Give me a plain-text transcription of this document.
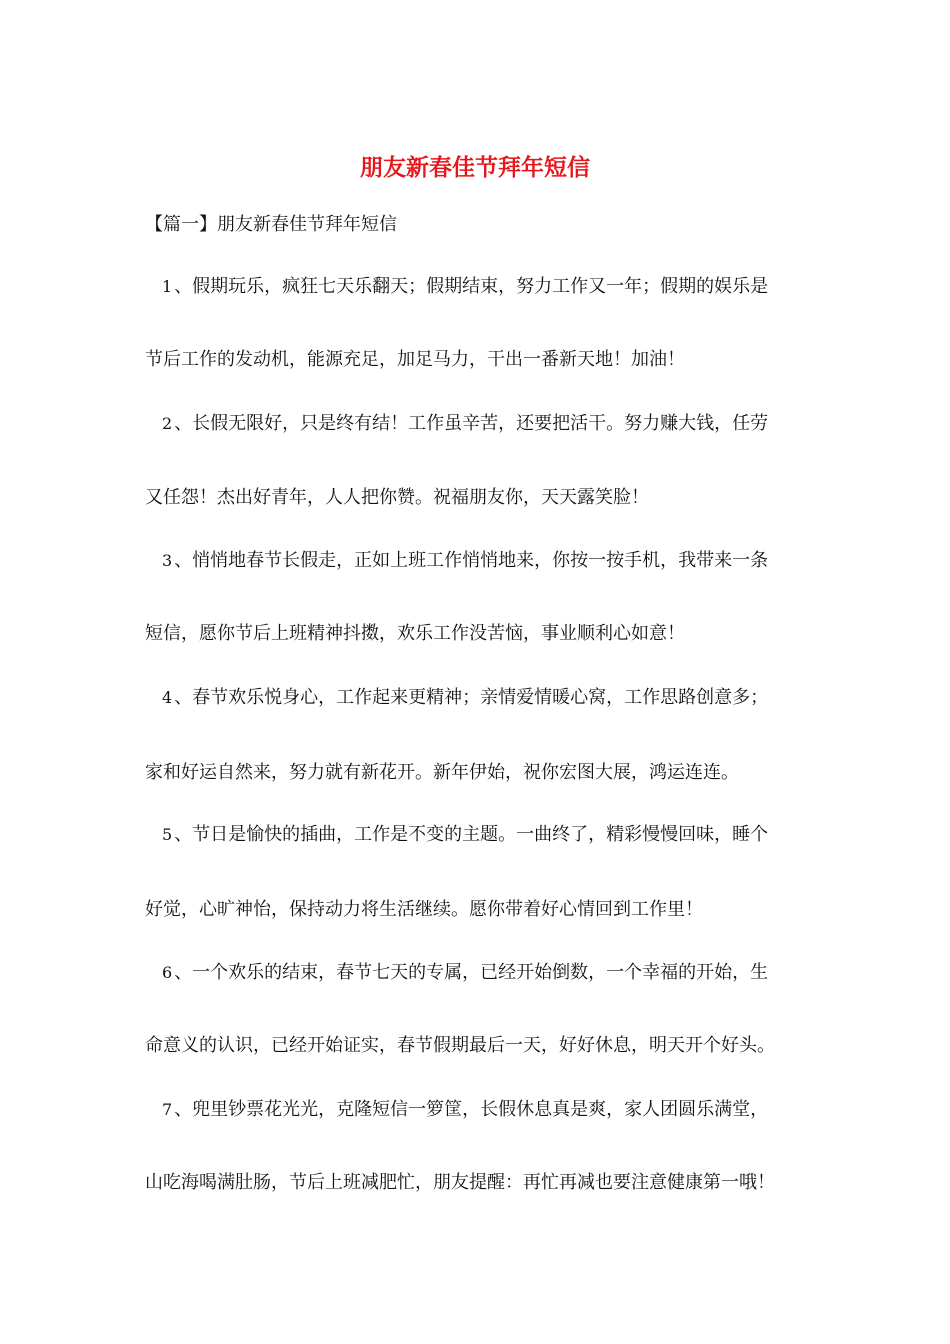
朋友新春佳节拜年短信

【篇一】朋友新春佳节拜年短信

1 、假期玩乐，疯狂七天乐翻天；假期结束，努力工作又一年；假期的娱乐是

节后工作的发动机，能源充足，加足马力，干出一番新天地！加油！

2 、长假无限好，只是终有结！工作虽辛苦，还要把活干。努力赚大钱，任劳

又任怨！杰出好青年，人人把你赞。祝福朋友你，天天露笑脸！

3 、悄悄地春节长假走，正如上班工作悄悄地来，你按一按手机，我带来一条

短信，愿你节后上班精神抖擞，欢乐工作没苦恼，事业顺利心如意！

4 、春节欢乐悦身心，工作起来更精神；亲情爱情暖心窝，工作思路创意多；

家和好运自然来，努力就有新花开。新年伊始，祝你宏图大展，鸿运连连。

5 、节日是愉快的插曲，工作是不变的主题。一曲终了，精彩慢慢回味，睡个

好觉，心旷神怡，保持动力将生活继续。愿你带着好心情回到工作里！

6 、一个欢乐的结束，春节七天的专属，已经开始倒数，一个幸福的开始，生

命意义的认识，已经开始证实，春节假期最后一天，好好休息，明天开个好头。

7 、兜里钞票花光光，克隆短信一箩筐，长假休息真是爽，家人团圆乐满堂，

山吃海喝满肚肠，节后上班减肥忙，朋友提醒：再忙再减也要注意健康第一哦！
